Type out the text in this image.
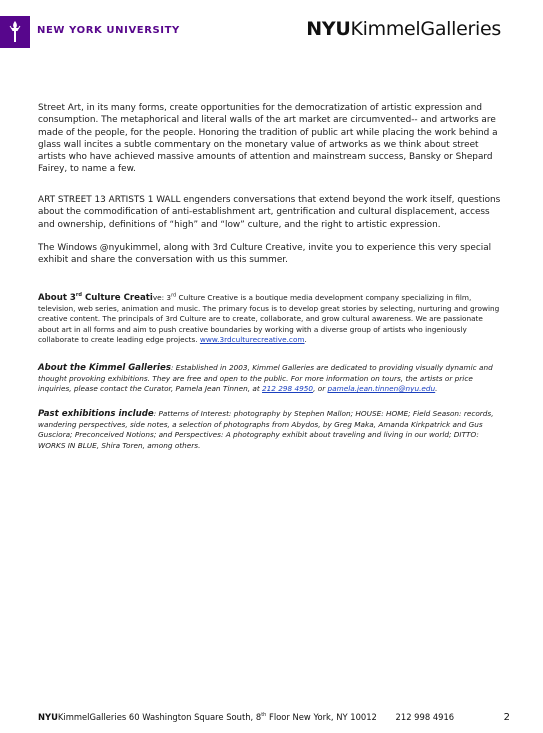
NEW YORK UNIVERSITY	NYUKimmelGalleries

Street Art, in its many forms, create opportunities for the democratization of artistic expression and consumption. The metaphorical and literal walls of the art market are circumvented-- and artworks are made of the people, for the people. Honoring the tradition of public art while placing the work behind a glass wall incites a subtle commentary on the monetary value of artworks as we think about street artists who have achieved massive amounts of attention and mainstream success, Bansky or Shepard Fairey, to name a few.

ART STREET 13 ARTISTS 1 WALL engenders conversations that extend beyond the work itself, questions about the commodification of anti-establishment art, gentrification and cultural displacement, access and ownership, definitions of “high” and “low” culture, and the right to artistic expression.

The Windows @nyukimmel, along with 3rd Culture Creative, invite you to experience this very special exhibit and share the conversation with us this summer.

About 3rd Culture Creative: 3rd Culture Creative is a boutique media development company specializing in film, television, web series, animation and music. The primary focus is to develop great stories by selecting, nurturing and growing creative content. The principals of 3rd Culture are to create, collaborate, and grow cultural awareness. We are passionate about art in all forms and aim to push creative boundaries by working with a diverse group of artists who ingeniously collaborate to create leading edge projects. www.3rdculturecreative.com.

About the Kimmel Galleries: Established in 2003, Kimmel Galleries are dedicated to providing visually dynamic and thought provoking exhibitions. They are free and open to the public. For more information on tours, the artists or price inquiries, please contact the Curator, Pamela Jean Tinnen, at 212 298 4950, or pamela.jean.tinnen@nyu.edu.

Past exhibitions include: Patterns of Interest: photography by Stephen Mallon; HOUSE: HOME; Field Season: records, wandering perspectives, side notes, a selection of photographs from Abydos, by Greg Maka, Amanda Kirkpatrick and Gus Gusciora; Preconceived Notions; and Perspectives: A photography exhibit about traveling and living in our world; DITTO: WORKS IN BLUE, Shira Toren, among others.

NYUKimmelGalleries 60 Washington Square South, 8th Floor New York, NY 10012 212 998 4916	2
